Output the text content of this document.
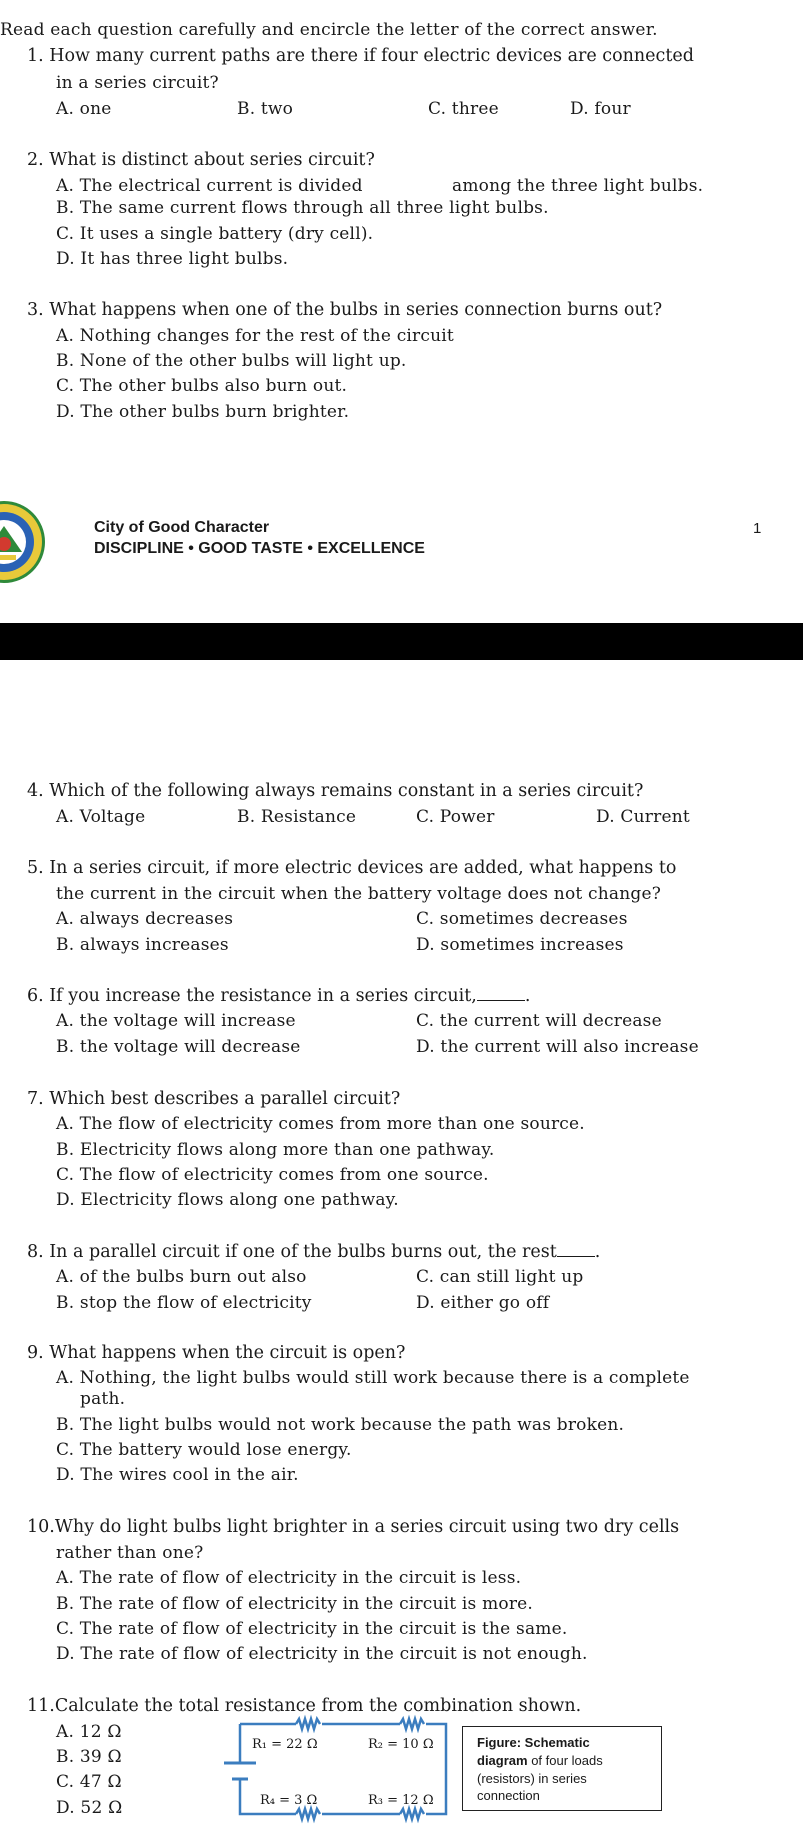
Read each question carefully and encircle the letter of the correct answer.
1. How many current paths are there if four electric devices are connected
in a series circuit?
A. one	B. two	C. three	D. four
2. What is distinct about series circuit?
A. The electrical current is divided	among the three light bulbs.
B. The same current flows through all three light bulbs.
C. It uses a single battery (dry cell).
D. It has three light bulbs.
3. What happens when one of the bulbs in series connection burns out?
A. Nothing changes for the rest of the circuit
B. None of the other bulbs will light up.
C. The other bulbs also burn out.
D. The other bulbs burn brighter.
City of Good Character
DISCIPLINE • GOOD TASTE • EXCELLENCE
1
4. Which of the following always remains constant in a series circuit?
A. Voltage	B. Resistance	C. Power	D. Current
5. In a series circuit, if more electric devices are added, what happens to
the current in the circuit when the battery voltage does not change?
A. always decreases	C. sometimes decreases
B. always increases	D. sometimes increases
6. If you increase the resistance in a series circuit,	.
A. the voltage will increase	C. the current will decrease
B. the voltage will decrease	D. the current will also increase
7. Which best describes a parallel circuit?
A. The flow of electricity comes from more than one source.
B. Electricity flows along more than one pathway.
C. The flow of electricity comes from one source.
D. Electricity flows along one pathway.
8. In a parallel circuit if one of the bulbs burns out, the rest .
A. of the bulbs burn out also	C. can still light up
B. stop the flow of electricity	D. either go off
9. What happens when the circuit is open?
A. Nothing, the light bulbs would still work because there is a complete
path.
B. The light bulbs would not work because the path was broken.
C. The battery would lose energy.
D. The wires cool in the air.
10.Why do light bulbs light brighter in a series circuit using two dry cells
rather than one?
A. The rate of flow of electricity in the circuit is less.
B. The rate of flow of electricity in the circuit is more.
C. The rate of flow of electricity in the circuit is the same.
D. The rate of flow of electricity in the circuit is not enough.
11.Calculate the total resistance from the combination shown.
A. 12 Ω
B. 39 Ω
C. 47 Ω
D. 52 Ω
R₁ = 22 Ω	R₂ = 10 Ω
R₄ = 3 Ω	R₃ = 12 Ω
Figure: Schematic
diagram of four loads
(resistors) in series
connection
